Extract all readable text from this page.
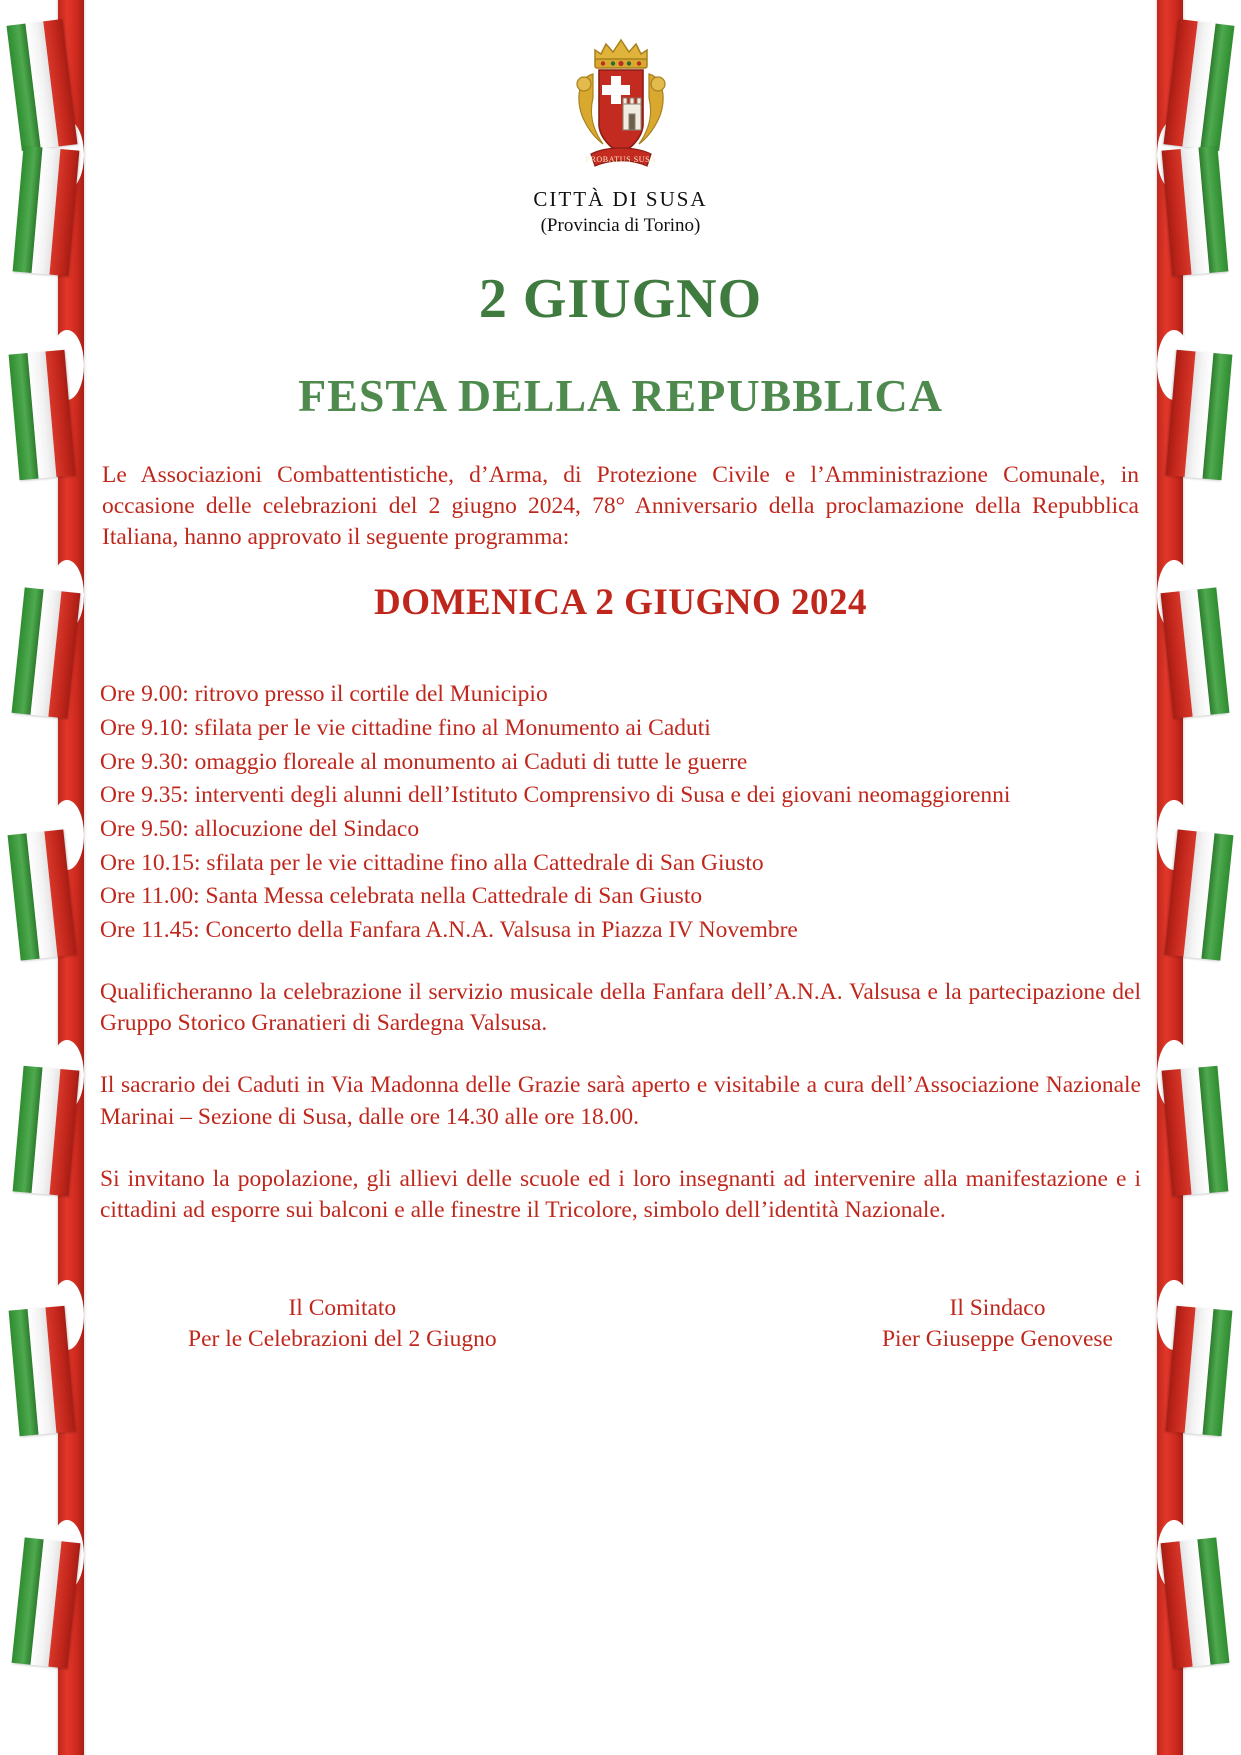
PROBATUS SUSA
CITTÀ DI SUSA
(Provincia di Torino)
2 GIUGNO
FESTA DELLA REPUBBLICA

Le Associazioni Combattentistiche, d’Arma, di Protezione Civile e l’Amministrazione Comunale, in occasione delle celebrazioni del 2 giugno 2024, 78° Anniversario della proclamazione della Repubblica Italiana, hanno approvato il seguente programma:

DOMENICA 2 GIUGNO 2024
Ore 9.00: ritrovo presso il cortile del Municipio
Ore 9.10: sfilata per le vie cittadine fino al Monumento ai Caduti
Ore 9.30: omaggio floreale al monumento ai Caduti di tutte le guerre
Ore 9.35: interventi degli alunni dell’Istituto Comprensivo di Susa e dei giovani neomaggiorenni
Ore 9.50: allocuzione del Sindaco
Ore 10.15: sfilata per le vie cittadine fino alla Cattedrale di San Giusto
Ore 11.00: Santa Messa celebrata nella Cattedrale di San Giusto
Ore 11.45: Concerto della Fanfara A.N.A. Valsusa in Piazza IV Novembre

Qualificheranno la celebrazione il servizio musicale della Fanfara dell’A.N.A. Valsusa e la partecipazione del Gruppo Storico Granatieri di Sardegna Valsusa.

Il sacrario dei Caduti in Via Madonna delle Grazie sarà aperto e visitabile a cura dell’Associazione Nazionale Marinai – Sezione di Susa, dalle ore 14.30 alle ore 18.00.

Si invitano la popolazione, gli allievi delle scuole ed i loro insegnanti ad intervenire alla manifestazione e i cittadini ad esporre sui balconi e alle finestre il Tricolore, simbolo dell’identità Nazionale.

Il Comitato
Per le Celebrazioni del 2 Giugno
Il Sindaco
Pier Giuseppe Genovese
